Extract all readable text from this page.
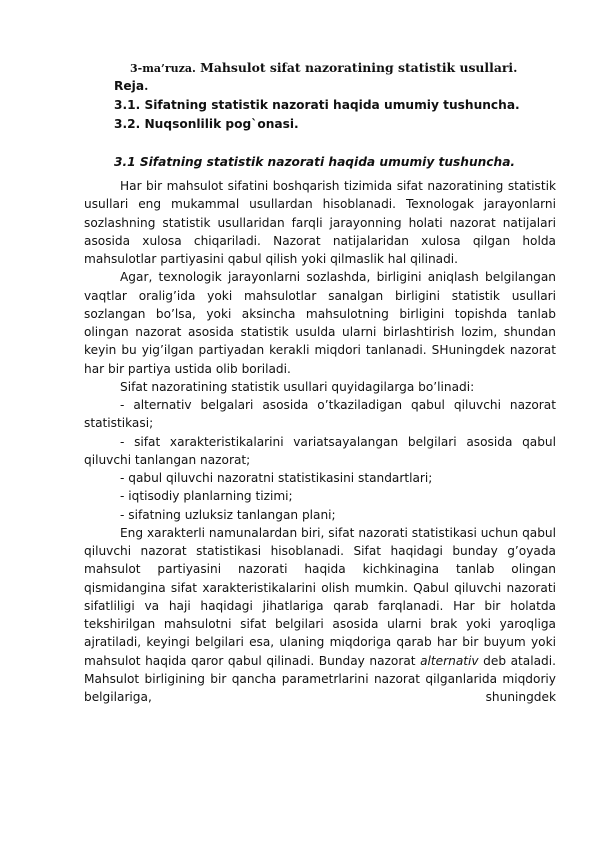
3-ma’ruza. Mahsulot sifat nazoratining statistik usullari.
Reja.
3.1. Sifatning statistik nazorati haqida umumiy tushuncha.
3.2. Nuqsonlilik pog`onasi.
3.1 Sifatning statistik nazorati haqida umumiy tushuncha.

Har bir mahsulot sifatini boshqarish tizimida sifat nazoratining statistik usullari eng mukammal usullardan hisoblanadi. Texnologak jarayonlarni sozlashning statistik usullaridan farqli jarayonning holati nazorat natijalari asosida xulosa chiqariladi. Nazorat natijalaridan xulosa qilgan holda mahsulotlar partiyasini qabul qilish yoki qilmaslik hal qilinadi.

Agar, texnologik jarayonlarni sozlashda, birligini aniqlash belgilangan vaqtlar oralig’ida yoki mahsulotlar sanalgan birligini statistik usullari sozlangan bo’lsa, yoki aksincha mahsulotning birligini topishda tanlab olingan nazorat asosida statistik usulda ularni birlashtirish lozim, shundan keyin bu yig’ilgan partiyadan kerakli miqdori tanlanadi. SHuningdek nazorat har bir partiya ustida olib boriladi.

Sifat nazoratining statistik usullari quyidagilarga bo’linadi:

- alternativ belgalari asosida o’tkaziladigan qabul qiluvchi nazorat statistikasi;

- sifat xarakteristikalarini variatsayalangan belgilari asosida qabul qiluvchi tanlangan nazorat;

- qabul qiluvchi nazoratni statistikasini standartlari;

- iqtisodiy planlarning tizimi;

- sifatning uzluksiz tanlangan plani;

Eng xarakterli namunalardan biri, sifat nazorati statistikasi uchun qabul qiluvchi nazorat statistikasi hisoblanadi. Sifat haqidagi bunday g’oyada mahsulot partiyasini nazorati haqida kichkinagina tanlab olingan qismidangina sifat xarakteristikalarini olish mumkin. Qabul qiluvchi nazorati sifatliligi va haji haqidagi jihatlariga qarab farqlanadi. Har bir holatda tekshirilgan mahsulotni sifat belgilari asosida ularni brak yoki yaroqliga ajratiladi, keyingi belgilari esa, ulaning miqdoriga qarab har bir buyum yoki mahsulot haqida qaror qabul qilinadi. Bunday nazorat alternativ deb ataladi. Mahsulot birligining bir qancha parametrlarini nazorat qilganlarida miqdoriy belgilariga, shuningdek
